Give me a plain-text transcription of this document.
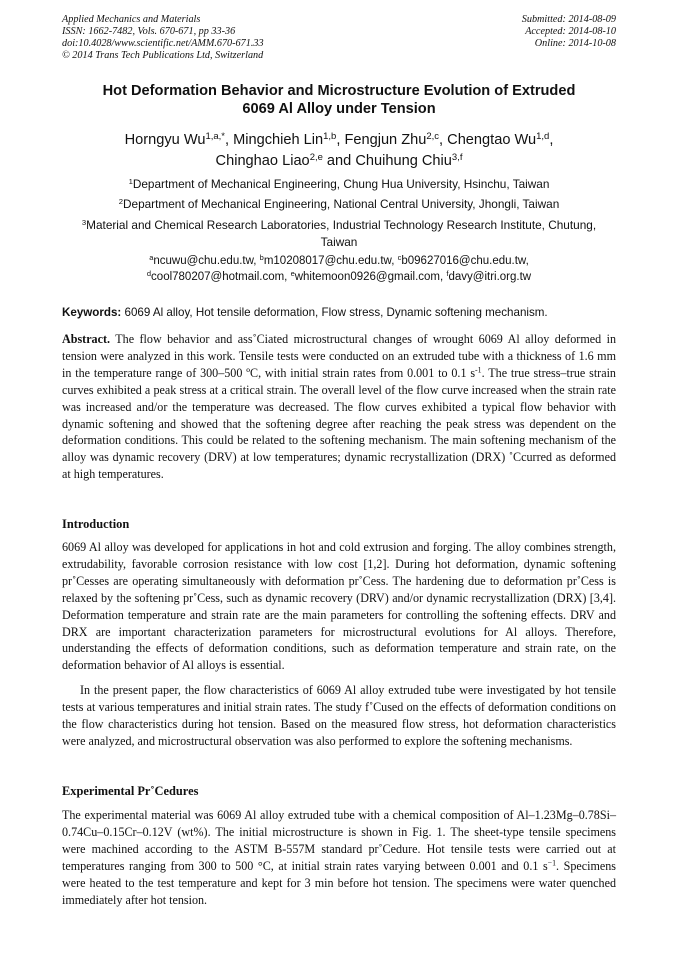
Applied Mechanics and Materials
ISSN: 1662-7482, Vols. 670-671, pp 33-36
doi:10.4028/www.scientific.net/AMM.670-671.33
© 2014 Trans Tech Publications Ltd, Switzerland
Submitted: 2014-08-09
Accepted: 2014-08-10
Online: 2014-10-08
Hot Deformation Behavior and Microstructure Evolution of Extruded
6069 Al Alloy under Tension
Horngyu $Wu^{1,a,*}$, Mingchieh Lin$^{1,b}$, Fengjun Zhu$^{2,c}$, Chengtao Wu$^{1,d}$,
Chinghao Liao$^{2,e}$ and Chuihung Chiu$^{3,f}$
$^1$Department of Mechanical Engineering, Chung Hua University, Hsinchu, Taiwan
$^2$Department of Mechanical Engineering, National Central University, Jhongli, Taiwan
$^3$Material and Chemical Research Laboratories, Industrial Technology Research Institute, Chutung,
Taiwan
$^a$ncuwu@chu.edu.tw, $^b$m10208017@chu.edu.tw, $^c$b09627016@chu.edu.tw,
$^d$cool780207@hotmail.com, $^e$whitemoon0926@gmail.com, $^f$davy@itri.org.tw
Keywords: 6069 Al alloy, Hot tensile deformation, Flow stress, Dynamic softening mechanism.
Abstract. The flow behavior and ass˚Ciated microstructural changes of wrought 6069 Al alloy deformed in tension were analyzed in this work. Tensile tests were conducted on an extruded tube with a thickness of 1.6 mm in the temperature range of 300–500 ºC, with initial strain rates from 0.001 to 0.1 $s^{-1}$. The true stress–true strain curves exhibited a peak stress at a critical strain. The overall level of the flow curve increased when the strain rate was increased and/or the temperature was decreased. The flow curves exhibited a typical flow behavior with dynamic softening and showed that the softening degree after reaching the peak stress was dependent on the deformation conditions. This could be related to the softening mechanism. The main softening mechanism of the alloy was dynamic recovery (DRV) at low temperatures; dynamic recrystallization (DRX) ˚Ccurred as deformed at high temperatures.
Introduction
6069 Al alloy was developed for applications in hot and cold extrusion and forging. The alloy combines strength, extrudability, favorable corrosion resistance with low cost [1,2]. During hot deformation, dynamic softening pr˚Cesses are operating simultaneously with deformation pr˚Cess. The hardening due to deformation pr˚Cess is relaxed by the softening pr˚Cess, such as dynamic recovery (DRV) and/or dynamic recrystallization (DRX) [3,4]. Deformation temperature and strain rate are the main parameters for controlling the softening effects. DRV and DRX are important characterization parameters for microstructural evolutions for Al alloys. Therefore, understanding the effects of deformation conditions, such as deformation temperature and strain rate, on the deformation behavior of Al alloys is essential.
In the present paper, the flow characteristics of 6069 Al alloy extruded tube were investigated by hot tensile tests at various temperatures and initial strain rates. The study f˚Cused on the effects of deformation conditions on the flow characteristics during hot tension. Based on the measured flow stress, hot deformation characteristics were analyzed, and microstructural observation was also performed to explore the softening mechanisms.
Experimental Pr˚Cedures
The experimental material was 6069 Al alloy extruded tube with a chemical composition of Al–1.23Mg–0.78Si–0.74Cu–0.15Cr–0.12V (wt%). The initial microstructure is shown in Fig. 1. The sheet-type tensile specimens were machined according to the ASTM B-557M standard pr˚Cedure. Hot tensile tests were carried out at temperatures ranging from 300 to 500 °C, at initial strain rates varying between 0.001 and 0.1 $s^{-1}$. Specimens were heated to the test temperature and kept for 3 min before hot tension. The specimens were water quenched immediately after hot tension.
